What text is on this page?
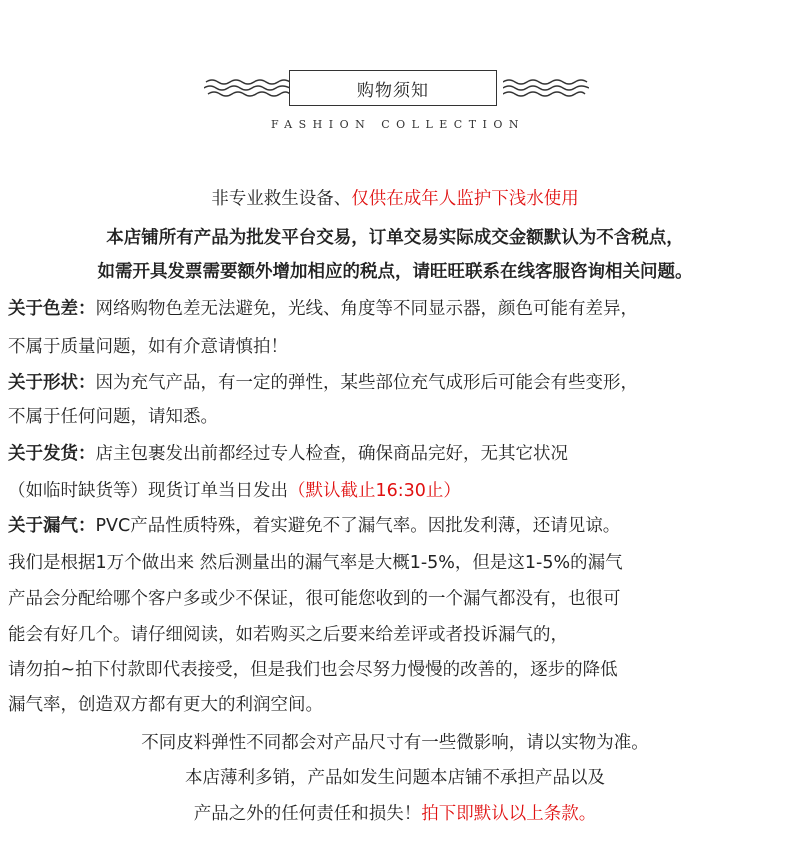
购物须知
FASHION COLLECTION
非专业救生设备、仅供在成年人监护下浅水使用
本店铺所有产品为批发平台交易，订单交易实际成交金额默认为不含税点，
如需开具发票需要额外增加相应的税点，请旺旺联系在线客服咨询相关问题。
关于色差：网络购物色差无法避免，光线、角度等不同显示器，颜色可能有差异，
不属于质量问题，如有介意请慎拍！
关于形状：因为充气产品，有一定的弹性，某些部位充气成形后可能会有些变形，
不属于任何问题，请知悉。
关于发货：店主包裹发出前都经过专人检查，确保商品完好，无其它状况
（如临时缺货等）现货订单当日发出（默认截止16:30止）
关于漏气：PVC产品性质特殊，着实避免不了漏气率。因批发利薄，还请见谅。
我们是根据1万个做出来 然后测量出的漏气率是大概1-5%，但是这1-5%的漏气
产品会分配给哪个客户多或少不保证，很可能您收到的一个漏气都没有，也很可
能会有好几个。请仔细阅读，如若购买之后要来给差评或者投诉漏气的，
请勿拍~拍下付款即代表接受，但是我们也会尽努力慢慢的改善的，逐步的降低
漏气率，创造双方都有更大的利润空间。
不同皮料弹性不同都会对产品尺寸有一些微影响，请以实物为准。
本店薄利多销，产品如发生问题本店铺不承担产品以及
产品之外的任何责任和损失！拍下即默认以上条款。
